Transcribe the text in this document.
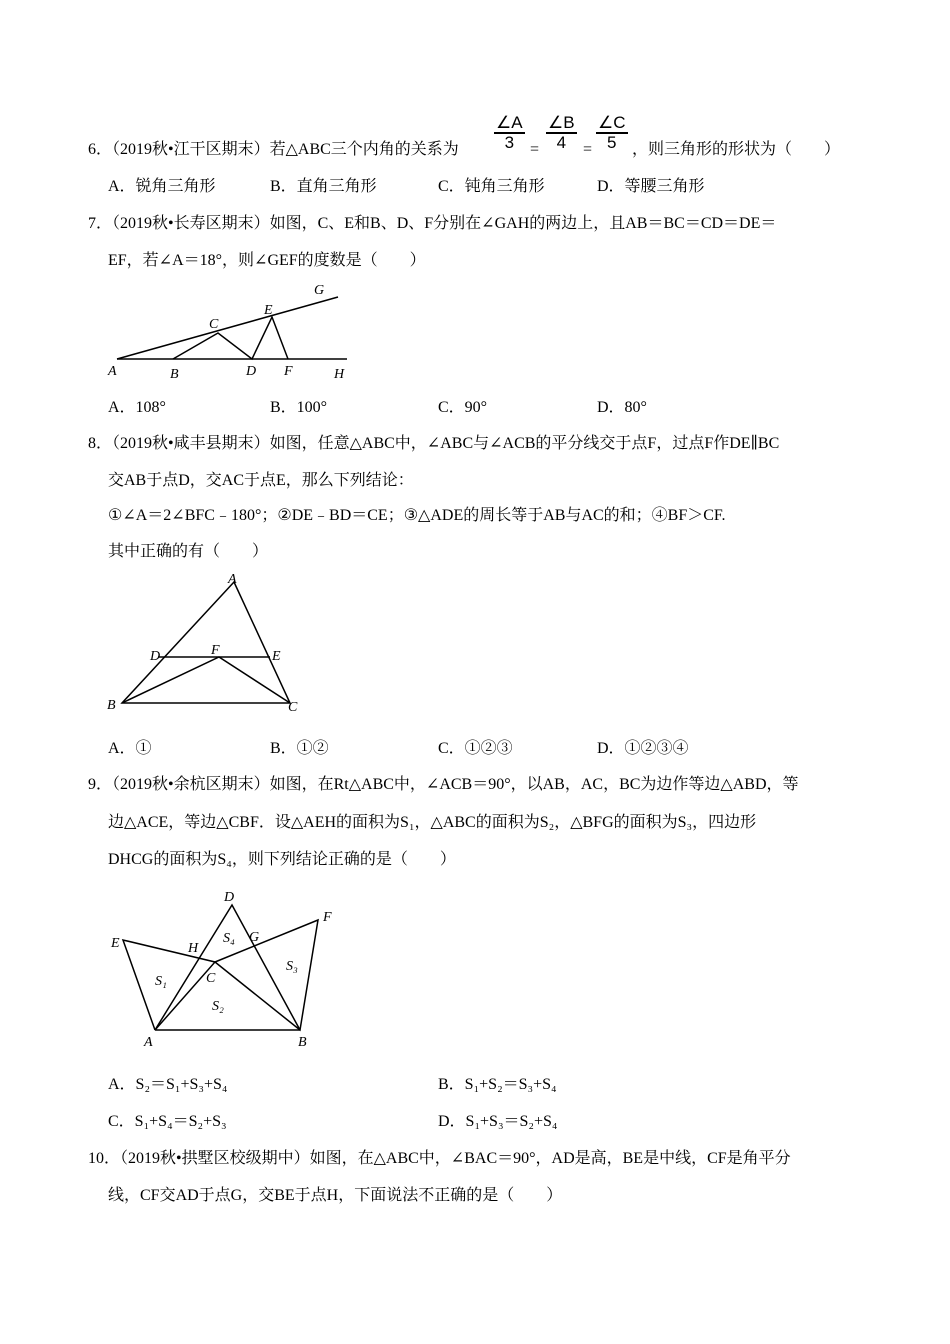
6．（2019秋•江干区期末）若△ABC三个内角的关系为 $\frac{\angle A}{3} = \frac{\angle B}{4} = \frac{\angle C}{5}$ ，则三角形的形状为（　　）
A．锐角三角形	B．直角三角形	C．钝角三角形	D．等腰三角形
7．（2019秋•长寿区期末）如图，C、E和B、D、F分别在∠GAH的两边上，且AB＝BC＝CD＝DE＝
EF，若∠A＝18°，则∠GEF的度数是（　　）
G
C
E
A	B	D F	H
A．108°	B．100°	C．90°	D．80°
8．（2019秋•咸丰县期末）如图，任意△ABC中，∠ABC与∠ACB的平分线交于点F，过点F作DE∥BC
交AB于点D，交AC于点E，那么下列结论：
①∠A＝2∠BFC﹣180°；②DE﹣BD＝CE；③△ADE的周长等于AB与AC的和；④BF＞CF.
其中正确的有（　　）
A
D	F	E
B	C
A．①	B．①②	C．①②③	D．①②③④
9．（2019秋•余杭区期末）如图，在Rt△ABC中，∠ACB＝90°，以AB，AC，BC为边作等边△ABD，等
边△ACE，等边△CBF．设△AEH的面积为S₁，△ABC的面积为S₂，△BFG的面积为S₃，四边形
DHCG的面积为S₄，则下列结论正确的是（　　）
D
F
E	H
G
C
S₄
S₁
S₃
S₂
A	B
A．S₂＝S₁+S₃+S₄	B．S₁+S₂＝S₃+S₄
C．S₁+S₄＝S₂+S₃	D．S₁+S₃＝S₂+S₄
10．（2019秋•拱墅区校级期中）如图，在△ABC中，∠BAC＝90°，AD是高，BE是中线，CF是角平分
线，CF交AD于点G，交BE于点H，下面说法不正确的是（　　）
